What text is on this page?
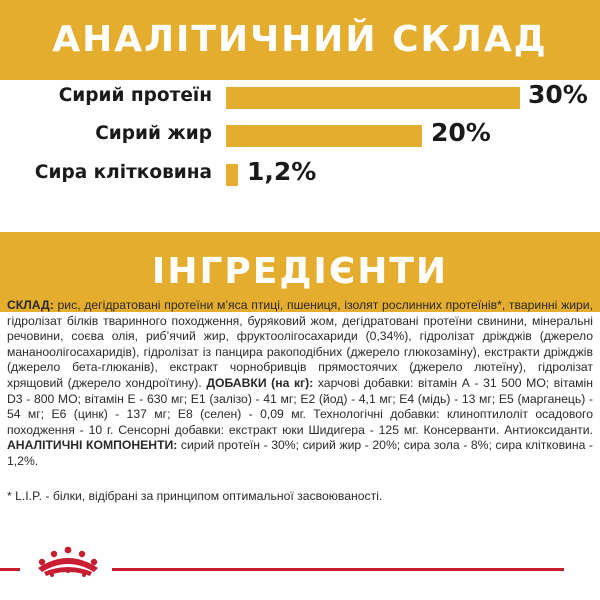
АНАЛІТИЧНИЙ СКЛАД
Сирий протеїн	30%
Сирий жир	20%
Сира клітковина 1,2%
ІНГРЕДІЄНТИ
СКЛАД: рис, дегідратовані протеїни м’яса птиці, пшениця, ізолят рослинних протеїнів*, тваринні жири, гідролізат білків тваринного походження, буряковий жом, дегідратовані протеїни свинини, мінеральні речовини, соєва олія, риб’ячий жир, фруктоолігосахариди (0,34%), гідролізат дріжджів (джерело манaноолігосахаридів), гідролізат із панцира ракоподібних (джерело глюкозаміну), екстракти дріжджів (джерело бета-глюканів), екстракт чорнобривців прямостоячих (джерело лютеїну), гідролізат хрящовий (джерело хондроїтину). ДОБАВКИ (на кг): харчові добавки: вітамін А - 31 500 МО; вітамін D3 - 800 МО; вітамін Е - 630 мг; E1 (залізо) - 41 мг; E2 (йод) - 4,1 мг; E4 (мідь) - 13 мг; E5 (марганець) - 54 мг; E6 (цинк) - 137 мг; E8 (селен) - 0,09 мг. Технологічні добавки: клиноптилоліт осадового походження - 10 г. Сенсорні добавки: екстракт юки Шидигера - 125 мг. Консерванти. Антиоксиданти. АНАЛІТИЧНІ КОМПОНЕНТИ: сирий протеїн - 30%; сирий жир - 20%; сира зола - 8%; сира клітковина - 1,2%.
* L.I.P. - білки, відібрані за принципом оптимальної засвоюваності.
